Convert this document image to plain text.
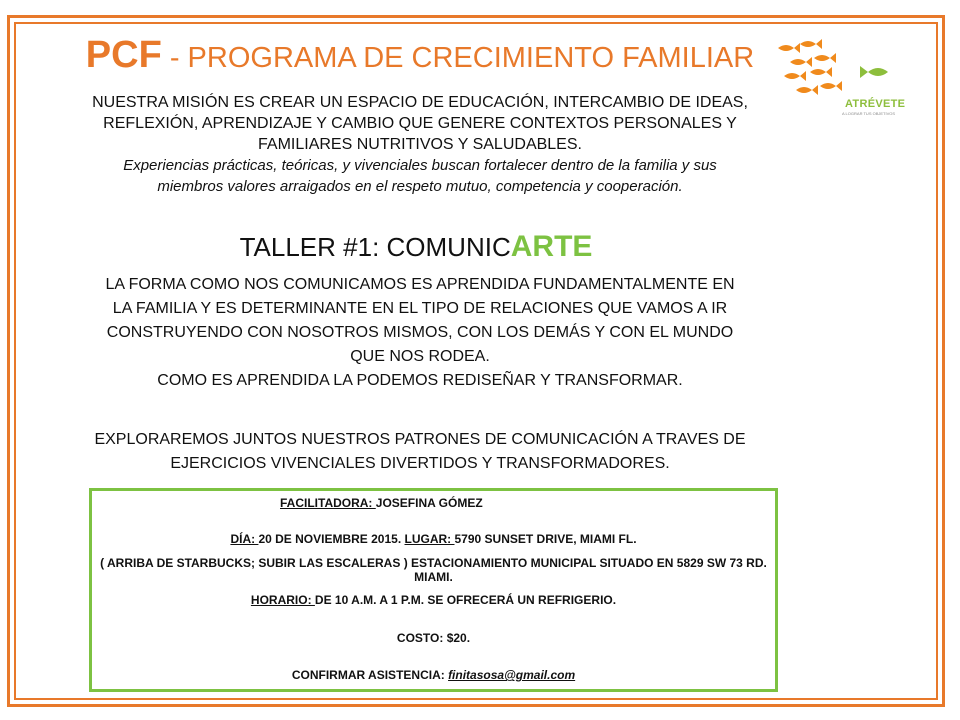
PCF - PROGRAMA DE CRECIMIENTO FAMILIAR
ATRÉVETE
A LOGRAR TUS OBJETIVOS
NUESTRA MISIÓN ES CREAR UN ESPACIO DE EDUCACIÓN, INTERCAMBIO DE IDEAS,
REFLEXIÓN, APRENDIZAJE Y CAMBIO QUE GENERE CONTEXTOS PERSONALES Y
FAMILIARES NUTRITIVOS Y SALUDABLES.
Experiencias prácticas, teóricas, y vivenciales buscan fortalecer dentro de la familia y sus
miembros valores arraigados en el respeto mutuo, competencia y cooperación.
TALLER #1: COMUNICARTE
LA FORMA COMO NOS COMUNICAMOS ES APRENDIDA FUNDAMENTALMENTE EN
LA FAMILIA Y ES DETERMINANTE EN EL TIPO DE RELACIONES QUE VAMOS A IR
CONSTRUYENDO CON NOSOTROS MISMOS, CON LOS DEMÁS Y CON EL MUNDO
QUE NOS RODEA.
COMO ES APRENDIDA LA PODEMOS REDISEÑAR Y TRANSFORMAR.
EXPLORAREMOS JUNTOS NUESTROS PATRONES DE COMUNICACIÓN A TRAVES DE
EJERCICIOS VIVENCIALES DIVERTIDOS Y TRANSFORMADORES.
FACILITADORA: JOSEFINA GÓMEZ
DÍA: 20 DE NOVIEMBRE 2015. LUGAR: 5790 SUNSET DRIVE, MIAMI FL.
( ARRIBA DE STARBUCKS; SUBIR LAS ESCALERAS ) ESTACIONAMIENTO MUNICIPAL SITUADO EN 5829 SW 73 RD. MIAMI.
HORARIO: DE 10 A.M. A 1 P.M. SE OFRECERÁ UN REFRIGERIO.
COSTO: $20.
CONFIRMAR ASISTENCIA: finitasosa@gmail.com
